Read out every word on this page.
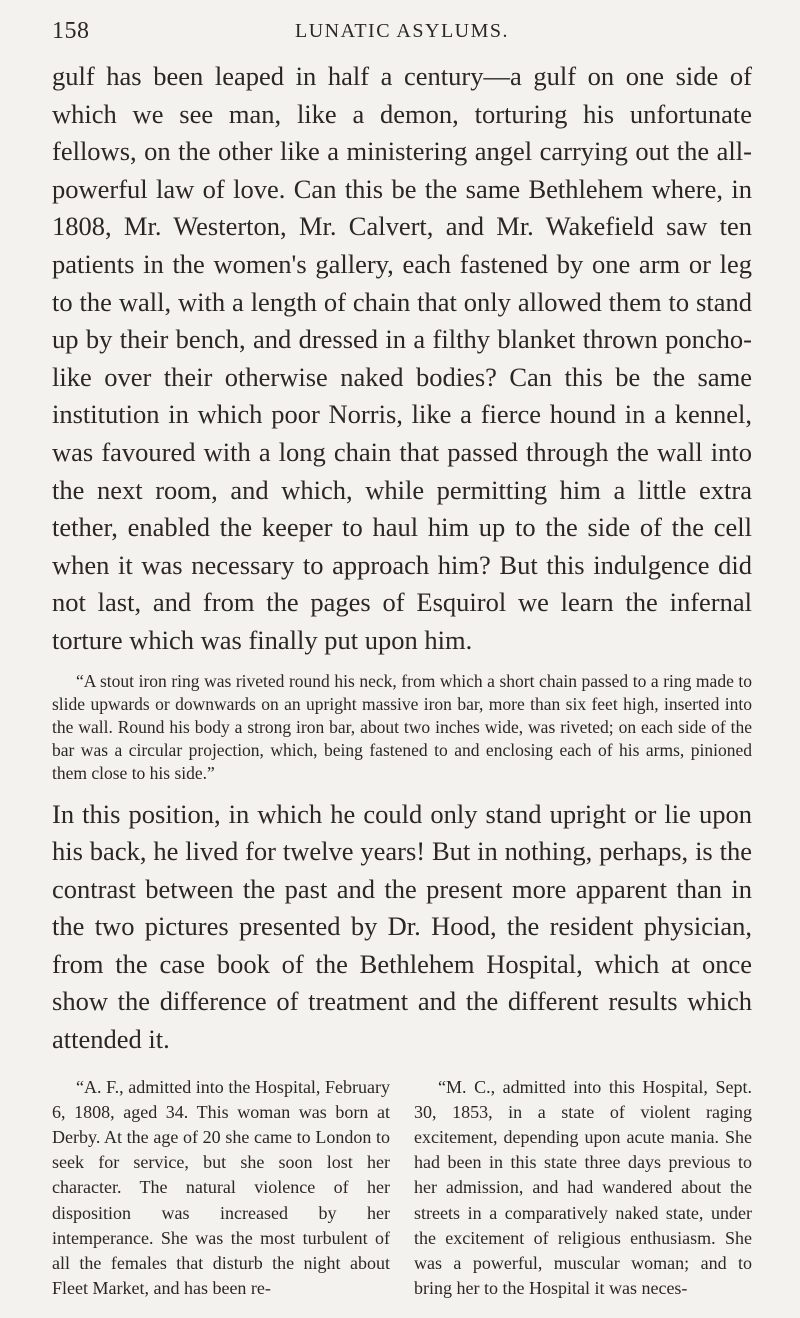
158	LUNATIC ASYLUMS.

gulf has been leaped in half a century—a gulf on one side of which we see man, like a demon, torturing his unfortunate fellows, on the other like a ministering angel carrying out the all-powerful law of love. Can this be the same Bethlehem where, in 1808, Mr. Westerton, Mr. Calvert, and Mr. Wakefield saw ten patients in the women's gallery, each fastened by one arm or leg to the wall, with a length of chain that only allowed them to stand up by their bench, and dressed in a filthy blanket thrown poncho-like over their otherwise naked bodies? Can this be the same institution in which poor Norris, like a fierce hound in a kennel, was favoured with a long chain that passed through the wall into the next room, and which, while permitting him a little extra tether, enabled the keeper to haul him up to the side of the cell when it was necessary to approach him? But this indulgence did not last, and from the pages of Esquirol we learn the infernal torture which was finally put upon him.

“A stout iron ring was riveted round his neck, from which a short chain passed to a ring made to slide upwards or downwards on an upright massive iron bar, more than six feet high, inserted into the wall. Round his body a strong iron bar, about two inches wide, was riveted; on each side of the bar was a circular projection, which, being fastened to and enclosing each of his arms, pinioned them close to his side.”

In this position, in which he could only stand upright or lie upon his back, he lived for twelve years! But in nothing, perhaps, is the contrast between the past and the present more apparent than in the two pictures presented by Dr. Hood, the resident physician, from the case book of the Bethlehem Hospital, which at once show the difference of treatment and the different results which attended it.

“A. F., admitted into the Hospital, February 6, 1808, aged 34. This woman was born at Derby. At the age of 20 she came to London to seek for service, but she soon lost her character. The natural violence of her disposition was increased by her intemperance. She was the most turbulent of all the females that disturb the night about Fleet Market, and has been re-

“M. C., admitted into this Hospital, Sept. 30, 1853, in a state of violent raging excitement, depending upon acute mania. She had been in this state three days previous to her admission, and had wandered about the streets in a comparatively naked state, under the excitement of religious enthusiasm. She was a powerful, muscular woman; and to bring her to the Hospital it was neces-
